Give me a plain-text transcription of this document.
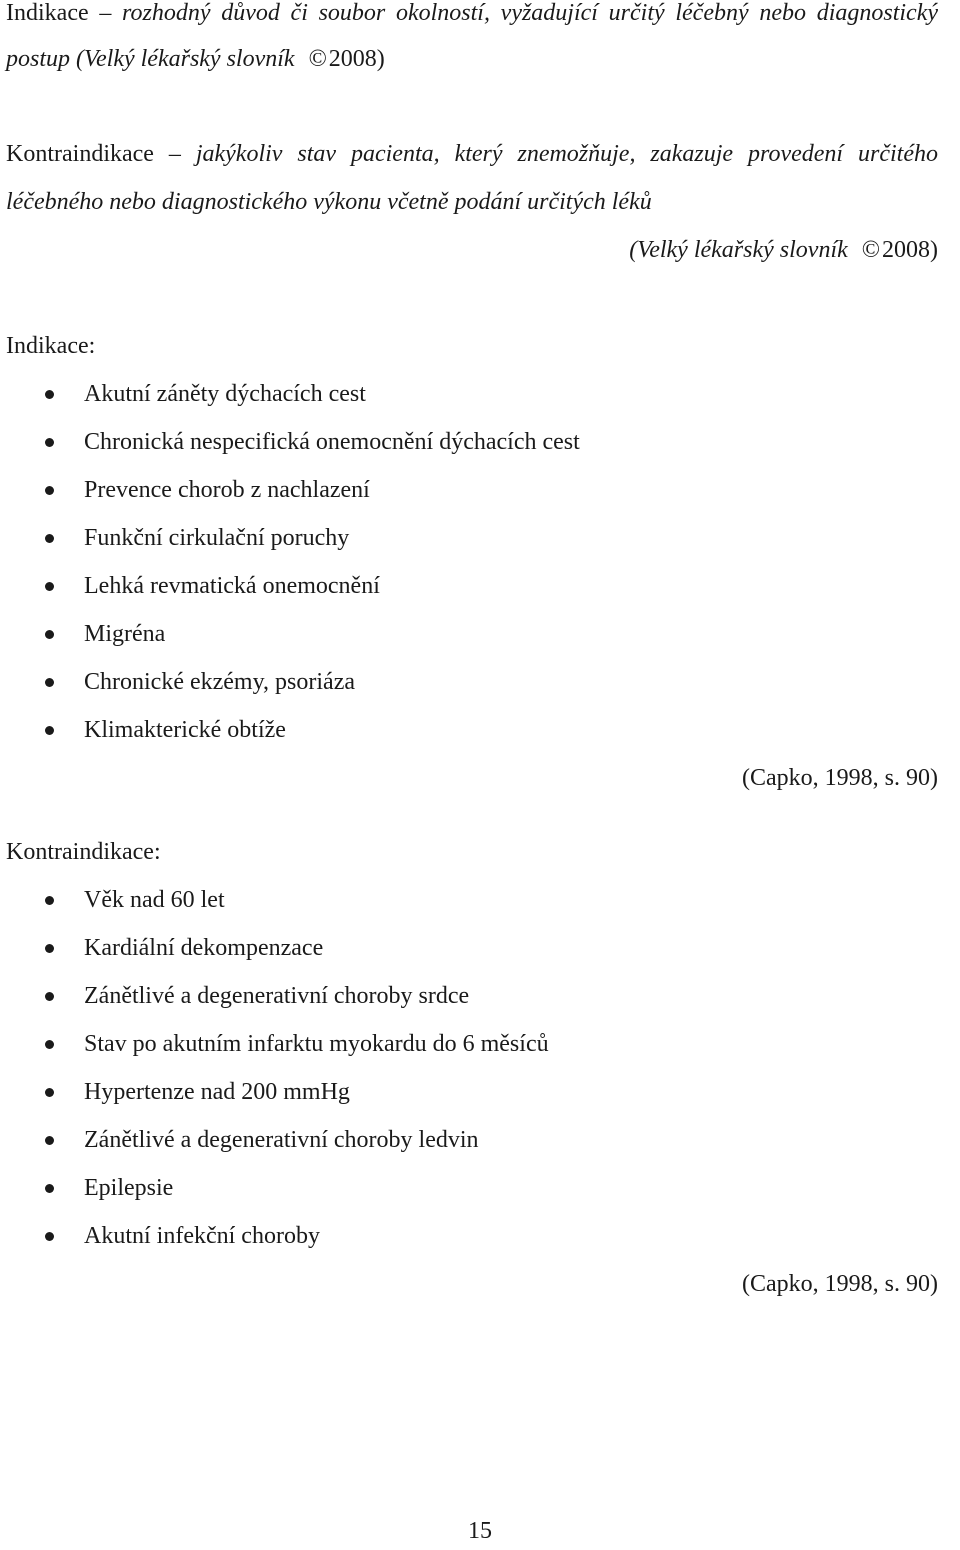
Indikace – rozhodný důvod či soubor okolností, vyžadující určitý léčebný nebo diagnostický postup (Velký lékařský slovník ©2008)

Kontraindikace – jakýkoliv stav pacienta, který znemožňuje, zakazuje provedení určitého léčebného nebo diagnostického výkonu včetně podání určitých léků

(Velký lékařský slovník ©2008)

Indikace:

Akutní záněty dýchacích cest
Chronická nespecifická onemocnění dýchacích cest
Prevence chorob z nachlazení
Funkční cirkulační poruchy
Lehká revmatická onemocnění
Migréna
Chronické ekzémy, psoriáza
Klimakterické obtíže

(Capko, 1998, s. 90)

Kontraindikace:

Věk nad 60 let
Kardiální dekompenzace
Zánětlivé a degenerativní choroby srdce
Stav po akutním infarktu myokardu do 6 měsíců
Hypertenze nad 200 mmHg
Zánětlivé a degenerativní choroby ledvin
Epilepsie
Akutní infekční choroby

(Capko, 1998, s. 90)

15
